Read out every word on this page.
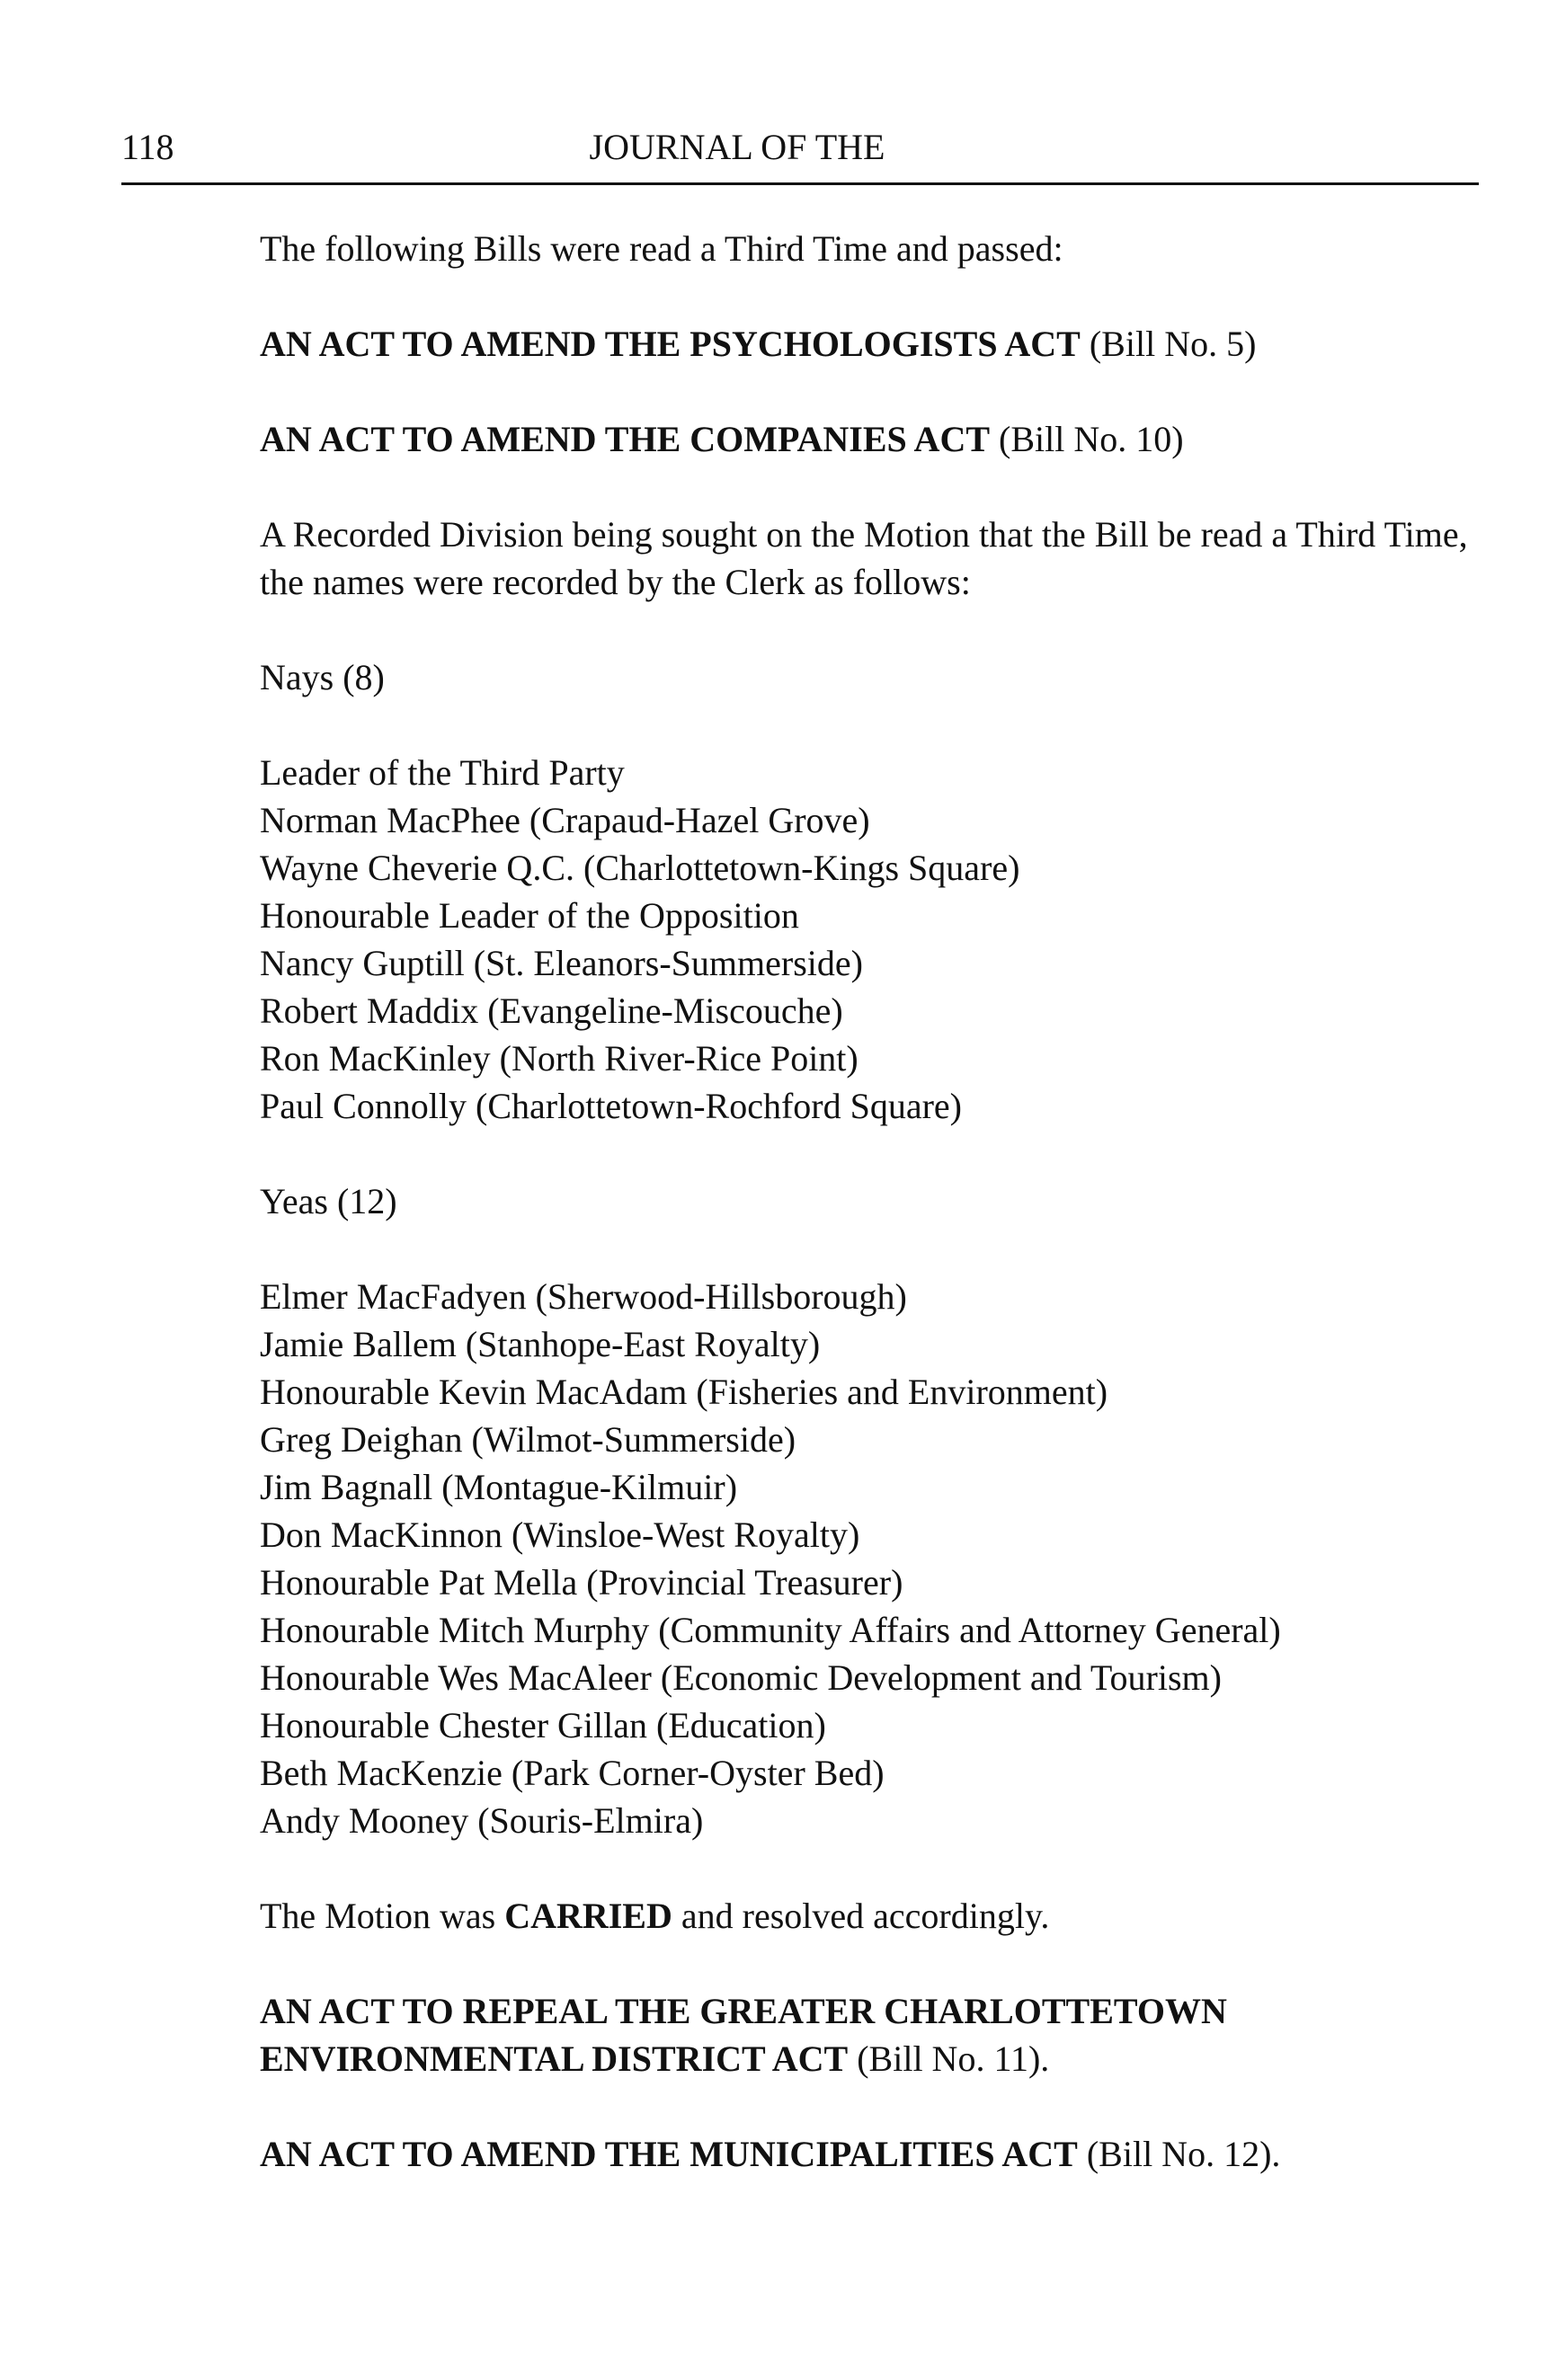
118	JOURNAL OF THE

The following Bills were read a Third Time and passed:

AN ACT TO AMEND THE PSYCHOLOGISTS ACT (Bill No. 5)

AN ACT TO AMEND THE COMPANIES ACT (Bill No. 10)

A Recorded Division being sought on the Motion that the Bill be read a Third Time, the names were recorded by the Clerk as follows:

Nays (8)

Leader of the Third Party
Norman MacPhee (Crapaud-Hazel Grove)
Wayne Cheverie Q.C. (Charlottetown-Kings Square)
Honourable Leader of the Opposition
Nancy Guptill (St. Eleanors-Summerside)
Robert Maddix (Evangeline-Miscouche)
Ron MacKinley (North River-Rice Point)
Paul Connolly (Charlottetown-Rochford Square)

Yeas (12)

Elmer MacFadyen (Sherwood-Hillsborough)
Jamie Ballem (Stanhope-East Royalty)
Honourable Kevin MacAdam (Fisheries and Environment)
Greg Deighan (Wilmot-Summerside)
Jim Bagnall (Montague-Kilmuir)
Don MacKinnon (Winsloe-West Royalty)
Honourable Pat Mella (Provincial Treasurer)
Honourable Mitch Murphy (Community Affairs and Attorney General)
Honourable Wes MacAleer (Economic Development and Tourism)
Honourable Chester Gillan (Education)
Beth MacKenzie (Park Corner-Oyster Bed)
Andy Mooney (Souris-Elmira)

The Motion was CARRIED and resolved accordingly.

AN ACT TO REPEAL THE GREATER CHARLOTTETOWN
ENVIRONMENTAL DISTRICT ACT (Bill No. 11).

AN ACT TO AMEND THE MUNICIPALITIES ACT (Bill No. 12).
